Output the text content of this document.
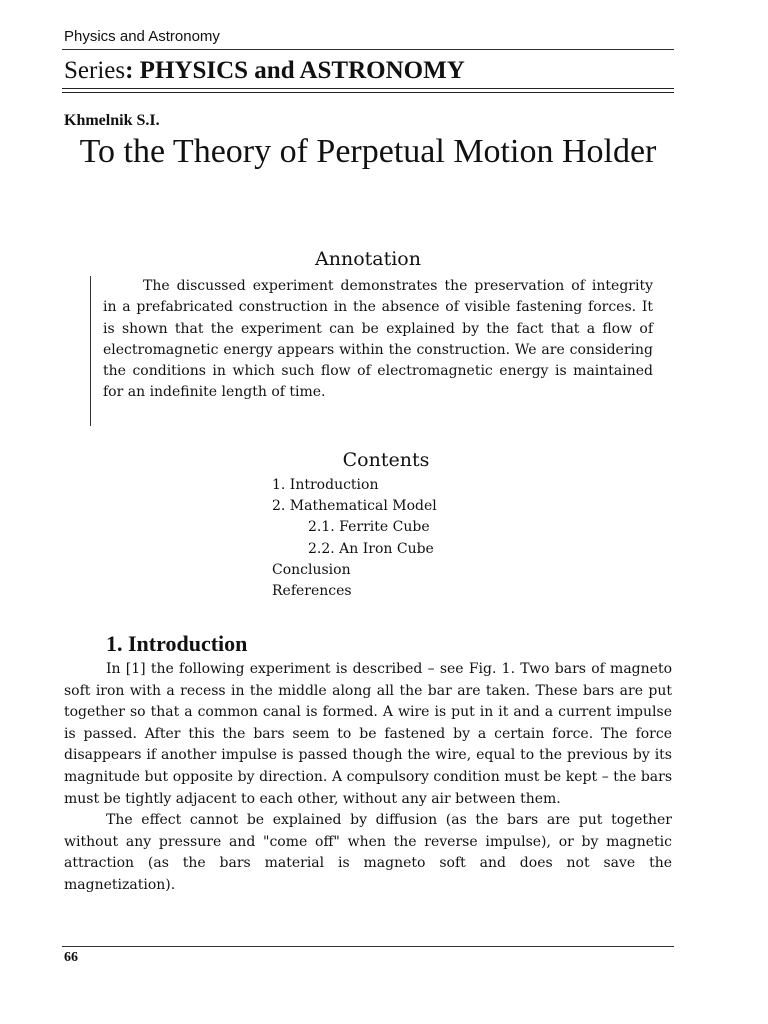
Physics and Astronomy
Series: PHYSICS and ASTRONOMY
Khmelnik S.I.
To the Theory of Perpetual Motion Holder
Annotation

The discussed experiment demonstrates the preservation of integrity in a prefabricated construction in the absence of visible fastening forces. It is shown that the experiment can be explained by the fact that a flow of electromagnetic energy appears within the construction. We are considering the conditions in which such flow of electromagnetic energy is maintained for an indefinite length of time.

Contents
1. Introduction
2. Mathematical Model
2.1. Ferrite Cube
2.2. An Iron Cube
Conclusion
References
1. Introduction

In [1] the following experiment is described – see Fig. 1. Two bars of magneto soft iron with a recess in the middle along all the bar are taken. These bars are put together so that a common canal is formed. A wire is put in it and a current impulse is passed. After this the bars seem to be fastened by a certain force. The force disappears if another impulse is passed though the wire, equal to the previous by its magnitude but opposite by direction. A compulsory condition must be kept – the bars must be tightly adjacent to each other, without any air between them.

The effect cannot be explained by diffusion (as the bars are put together without any pressure and "come off" when the reverse impulse), or by magnetic attraction (as the bars material is magneto soft and does not save the magnetization).

66
